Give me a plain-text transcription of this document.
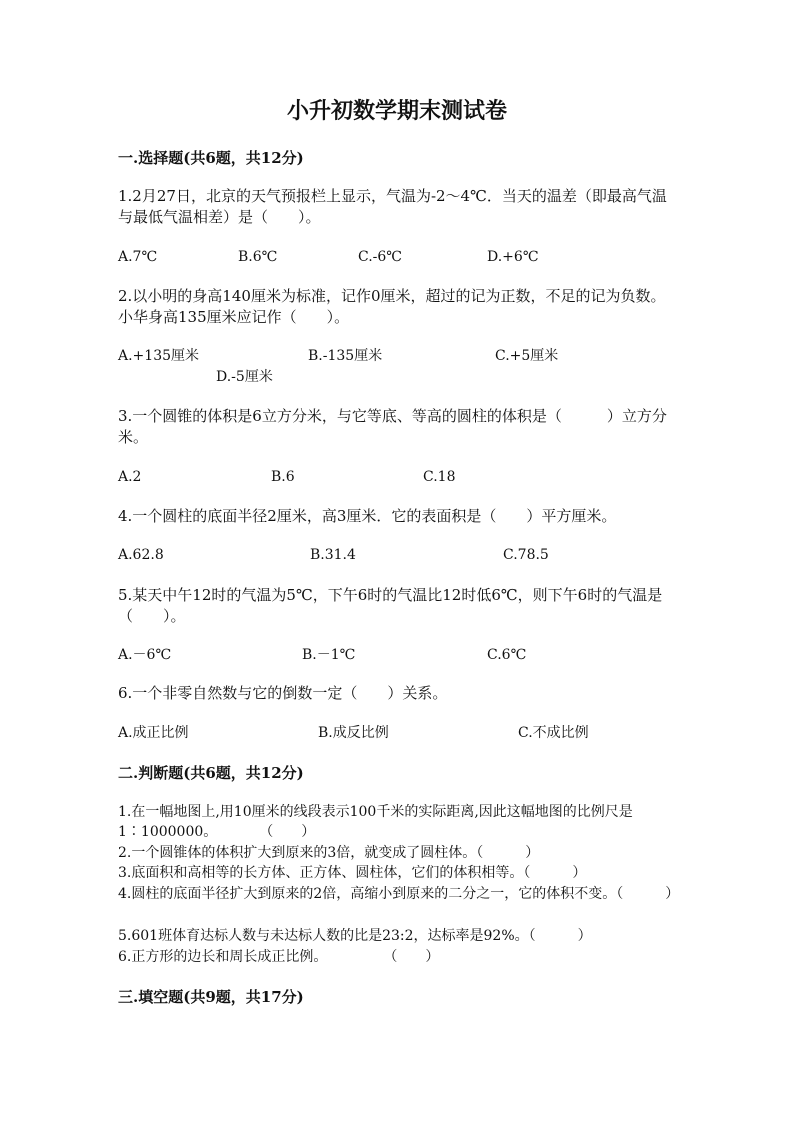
小升初数学期末测试卷
一.选择题(共6题，共12分)
1.2月27日，北京的天气预报栏上显示，气温为-2～4℃．当天的温差（即最高气温与最低气温相差）是（　　）。
A.7℃	B.6℃	C.-6℃	D.+6℃
2.以小明的身高140厘米为标准，记作0厘米，超过的记为正数，不足的记为负数。小华身高135厘米应记作（　　）。
A.+135厘米	B.-135厘米	C.+5厘米
D.-5厘米
3.一个圆锥的体积是6立方分米，与它等底、等高的圆柱的体积是（　　　）立方分米。
A.2	B.6	C.18
4.一个圆柱的底面半径2厘米，高3厘米．它的表面积是（　　）平方厘米。
A.62.8	B.31.4	C.78.5
5.某天中午12时的气温为5℃，下午6时的气温比12时低6℃，则下午6时的气温是（　　）。
A.－6℃	B.－1℃	C.6℃
6.一个非零自然数与它的倒数一定（　　）关系。
A.成正比例	B.成反比例	C.不成比例
二.判断题(共6题，共12分)
1.在一幅地图上,用10厘米的线段表示100千米的实际距离,因此这幅地图的比例尺是1∶1000000。　　　　（　　）
2.一个圆锥体的体积扩大到原来的3倍，就变成了圆柱体。（　　　）
3.底面积和高相等的长方体、正方体、圆柱体，它们的体积相等。（　　　）
4.圆柱的底面半径扩大到原来的2倍，高缩小到原来的二分之一，它的体积不变。（　　　）
5.601班体育达标人数与未达标人数的比是23:2，达标率是92%。（　　　）
6.正方形的边长和周长成正比例。　　　　　（　　）
三.填空题(共9题，共17分)
